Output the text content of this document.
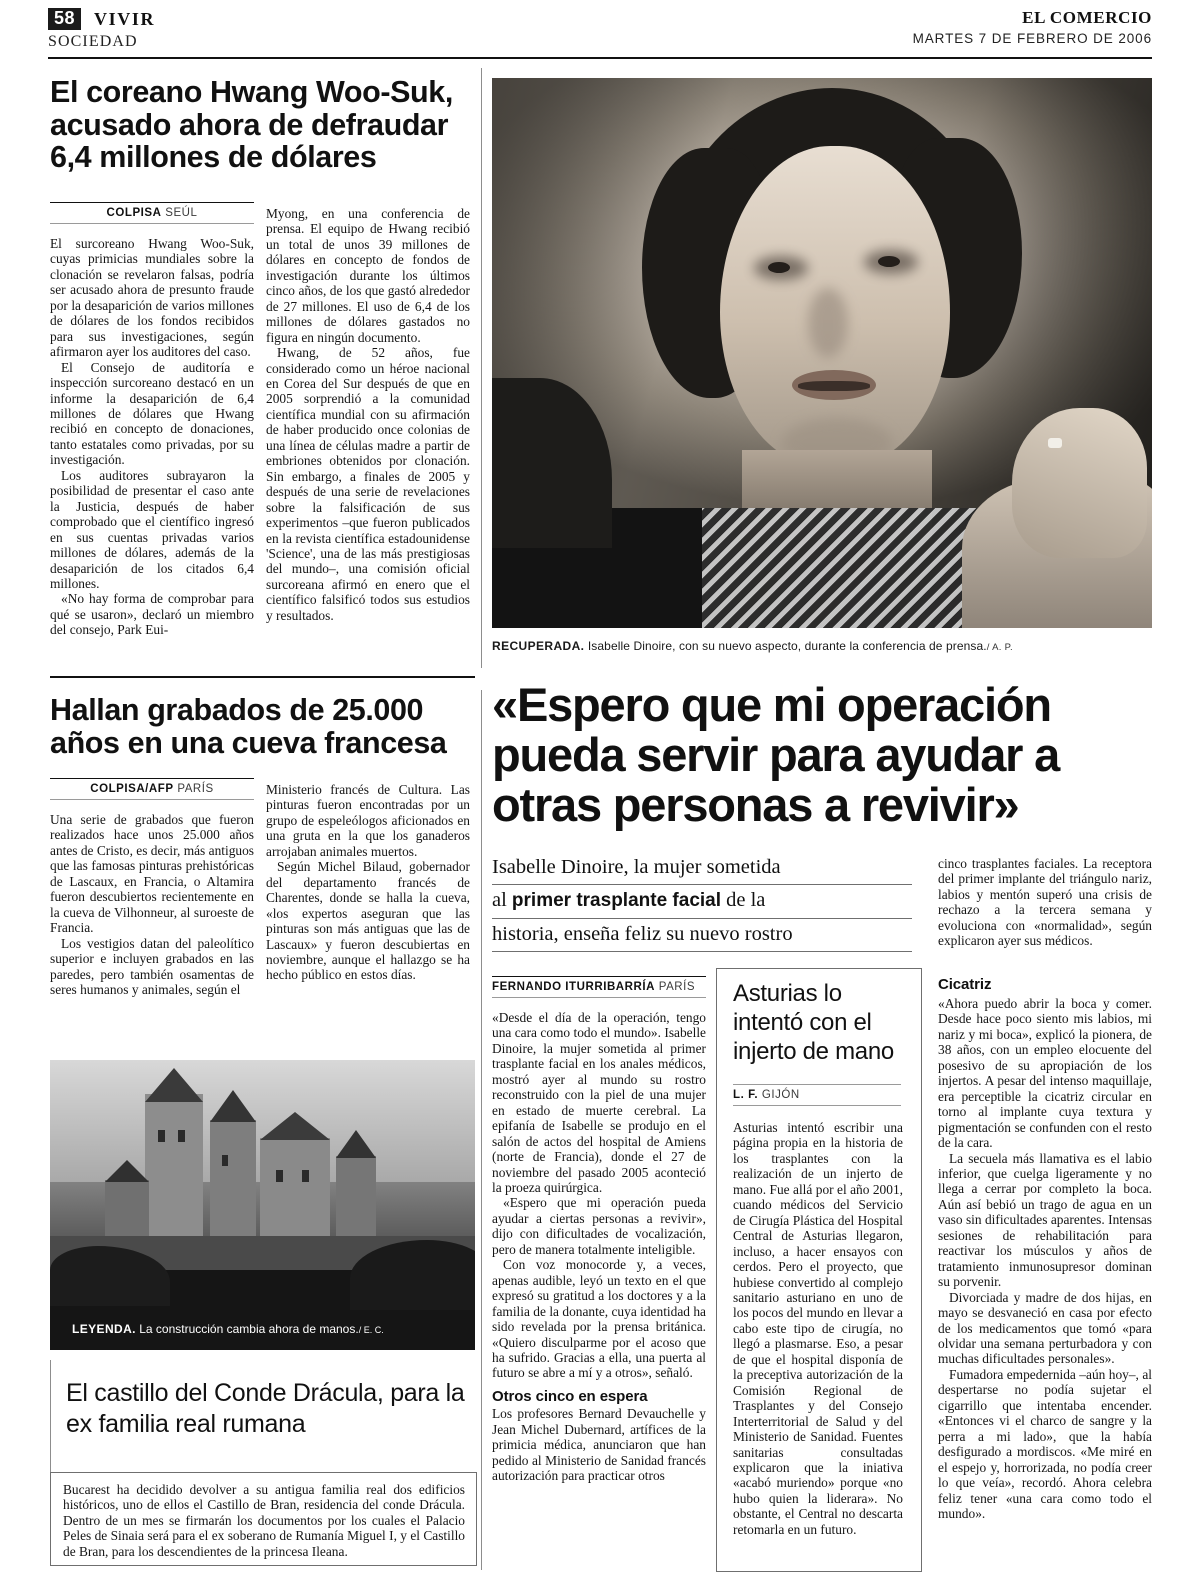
58 VIVIR
SOCIEDAD
EL COMERCIO
MARTES 7 DE FEBRERO DE 2006
El coreano Hwang Woo-Suk, acusado ahora de defraudar 6,4 millones de dólares
COLPISA SEÚL

El surcoreano Hwang Woo-Suk, cuyas primicias mundiales sobre la clonación se revelaron falsas, podría ser acusado ahora de presunto fraude por la desaparición de varios millones de dólares de los fondos recibidos para sus investigaciones, según afirmaron ayer los auditores del caso.

El Consejo de auditoría e inspección surcoreano destacó en un informe la desaparición de 6,4 millones de dólares que Hwang recibió en concepto de donaciones, tanto estatales como privadas, por su investigación.

Los auditores subrayaron la posibilidad de presentar el caso ante la Justicia, después de haber comprobado que el científico ingresó en sus cuentas privadas varios millones de dólares, además de la desaparición de los citados 6,4 millones.

«No hay forma de comprobar para qué se usaron», declaró un miembro del consejo, Park Eui-

Myong, en una conferencia de prensa. El equipo de Hwang recibió un total de unos 39 millones de dólares en concepto de fondos de investigación durante los últimos cinco años, de los que gastó alrededor de 27 millones. El uso de 6,4 de los millones de dólares gastados no figura en ningún documento.

Hwang, de 52 años, fue considerado como un héroe nacional en Corea del Sur después de que en 2005 sorprendió a la comunidad científica mundial con su afirmación de haber producido once colonias de una línea de células madre a partir de embriones obtenidos por clonación. Sin embargo, a finales de 2005 y después de una serie de revelaciones sobre la falsificación de sus experimentos –que fueron publicados en la revista científica estadounidense 'Science', una de las más prestigiosas del mundo–, una comisión oficial surcoreana afirmó en enero que el científico falsificó todos sus estudios y resultados.

Hallan grabados de 25.000 años en una cueva francesa
COLPISA/AFP PARÍS

Una serie de grabados que fueron realizados hace unos 25.000 años antes de Cristo, es decir, más antiguos que las famosas pinturas prehistóricas de Lascaux, en Francia, o Altamira fueron descubiertos recientemente en la cueva de Vilhonneur, al suroeste de Francia.

Los vestigios datan del paleolítico superior e incluyen grabados en las paredes, pero también osamentas de seres humanos y animales, según el

Ministerio francés de Cultura. Las pinturas fueron encontradas por un grupo de espeleólogos aficionados en una gruta en la que los ganaderos arrojaban animales muertos.

Según Michel Bilaud, gobernador del departamento francés de Charentes, donde se halla la cueva, «los expertos aseguran que las pinturas son más antiguas que las de Lascaux» y fueron descubiertas en noviembre, aunque el hallazgo se ha hecho público en estos días.

LEYENDA. La construcción cambia ahora de manos./ E. C.
El castillo del Conde Drácula, para la ex familia real rumana

Bucarest ha decidido devolver a su antigua familia real dos edificios históricos, uno de ellos el Castillo de Bran, residencia del conde Drácula. Dentro de un mes se firmarán los documentos por los cuales el Palacio Peles de Sinaia será para el ex soberano de Rumanía Miguel I, y el Castillo de Bran, para los descendientes de la princesa Ileana.

RECUPERADA. Isabelle Dinoire, con su nuevo aspecto, durante la conferencia de prensa./ A. P.
«Espero que mi operación pueda servir para ayudar a otras personas a revivir»
Isabelle Dinoire, la mujer sometida
al primer trasplante facial de la
historia, enseña feliz su nuevo rostro

cinco trasplantes faciales. La receptora del primer implante del triángulo nariz, labios y mentón superó una crisis de rechazo a la tercera semana y evoluciona con «normalidad», según explicaron ayer sus médicos.

FERNANDO ITURRIBARRÍA PARÍS

«Desde el día de la operación, tengo una cara como todo el mundo». Isabelle Dinoire, la mujer sometida al primer trasplante facial en los anales médicos, mostró ayer al mundo su rostro reconstruido con la piel de una mujer en estado de muerte cerebral. La epifanía de Isabelle se produjo en el salón de actos del hospital de Amiens (norte de Francia), donde el 27 de noviembre del pasado 2005 aconteció la proeza quirúrgica.

«Espero que mi operación pueda ayudar a ciertas personas a revivir», dijo con dificultades de vocalización, pero de manera totalmente inteligible.

Con voz monocorde y, a veces, apenas audible, leyó un texto en el que expresó su gratitud a los doctores y a la familia de la donante, cuya identidad ha sido revelada por la prensa británica. «Quiero disculparme por el acoso que ha sufrido. Gracias a ella, una puerta al futuro se abre a mí y a otros», señaló.

Otros cinco en espera

Los profesores Bernard Devauchelle y Jean Michel Dubernard, artífices de la primicia médica, anunciaron que han pedido al Ministerio de Sanidad francés autorización para practicar otros

Asturias lo intentó con el injerto de mano
L. F. GIJÓN

Asturias intentó escribir una página propia en la historia de los trasplantes con la realización de un injerto de mano. Fue allá por el año 2001, cuando médicos del Servicio de Cirugía Plástica del Hospital Central de Asturias llegaron, incluso, a hacer ensayos con cerdos. Pero el proyecto, que hubiese convertido al complejo sanitario asturiano en uno de los pocos del mundo en llevar a cabo este tipo de cirugía, no llegó a plasmarse. Eso, a pesar de que el hospital disponía de la preceptiva autorización de la Comisión Regional de Trasplantes y del Consejo Interterritorial de Salud y del Ministerio de Sanidad. Fuentes sanitarias consultadas explicaron que la iniativa «acabó muriendo» porque «no hubo quien la liderara». No obstante, el Central no descarta retomarla en un futuro.

Cicatriz

«Ahora puedo abrir la boca y comer. Desde hace poco siento mis labios, mi nariz y mi boca», explicó la pionera, de 38 años, con un empleo elocuente del posesivo de su apropiación de los injertos. A pesar del intenso maquillaje, era perceptible la cicatriz circular en torno al implante cuya textura y pigmentación se confunden con el resto de la cara.

La secuela más llamativa es el labio inferior, que cuelga ligeramente y no llega a cerrar por completo la boca. Aún así bebió un trago de agua en un vaso sin dificultades aparentes. Intensas sesiones de rehabilitación para reactivar los músculos y años de tratamiento inmunosupresor dominan su porvenir.

Divorciada y madre de dos hijas, en mayo se desvaneció en casa por efecto de los medicamentos que tomó «para olvidar una semana perturbadora y con muchas dificultades personales».

Fumadora empedernida –aún hoy–, al despertarse no podía sujetar el cigarrillo que intentaba encender. «Entonces vi el charco de sangre y la perra a mi lado», que la había desfigurado a mordiscos. «Me miré en el espejo y, horrorizada, no podía creer lo que veía», recordó. Ahora celebra feliz tener «una cara como todo el mundo».
